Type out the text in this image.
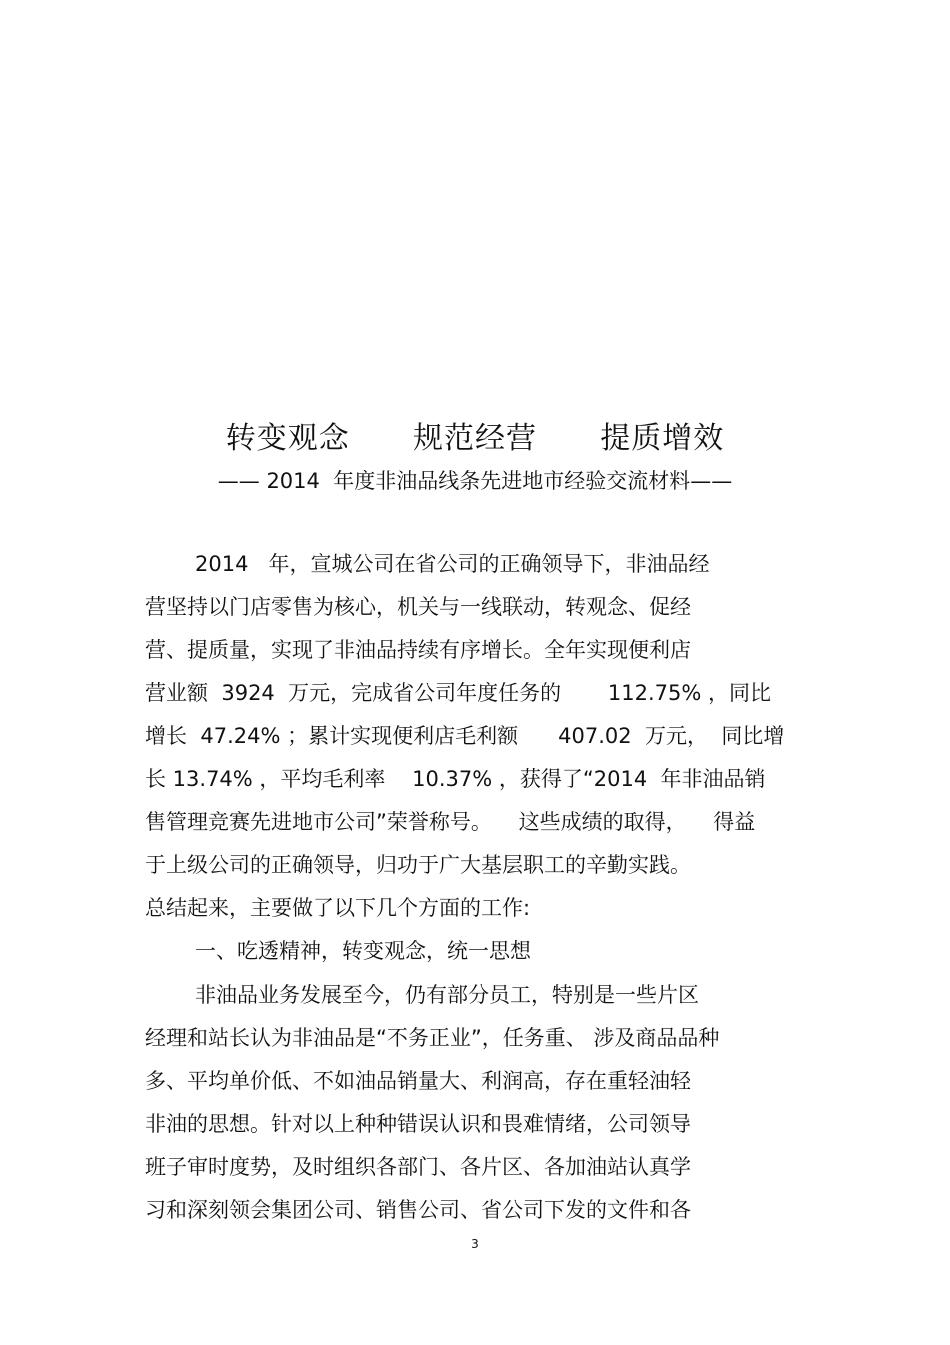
转变观念      规范经营      提质增效
—— 2014  年度非油品线条先进地市经验交流材料——
2014   年，宣城公司在省公司的正确领导下，非油品经
营坚持以门店零售为核心，机关与一线联动，转观念、促经
营、提质量，实现了非油品持续有序增长。全年实现便利店
营业额  3924  万元，完成省公司年度任务的       112.75% ，同比
增长  47.24% ；累计实现便利店毛利额      407.02  万元，  同比增
长 13.74% ，平均毛利率    10.37% ，获得了“2014  年非油品销
售管理竞赛先进地市公司”荣誉称号。    这些成绩的取得，    得益
于上级公司的正确领导，归功于广大基层职工的辛勤实践。
总结起来，主要做了以下几个方面的工作:
一、吃透精神，转变观念，统一思想
非油品业务发展至今，仍有部分员工，特别是一些片区
经理和站长认为非油品是“不务正业”，任务重、 涉及商品品种
多、平均单价低、不如油品销量大、利润高，存在重轻油轻
非油的思想。针对以上种种错误认识和畏难情绪，公司领导
班子审时度势，及时组织各部门、各片区、各加油站认真学
习和深刻领会集团公司、销售公司、省公司下发的文件和各
3
